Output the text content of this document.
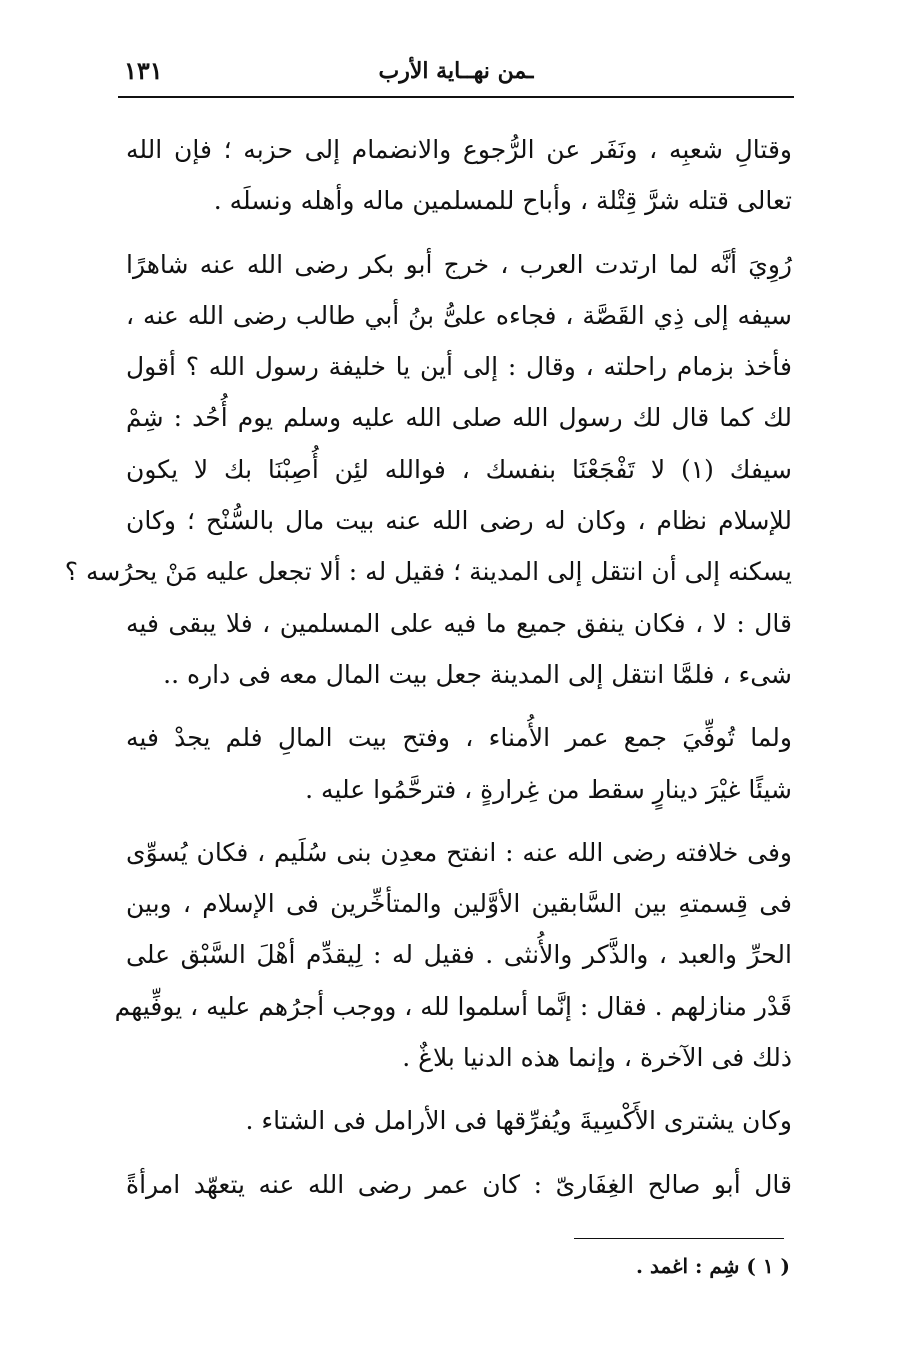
ـمن نهــاية الأرب
١٣١

وقتالِ شعبِه ، ونَفَر عن الرُّجوع والانضمام إلى حزبه ؛ فإن الله
تعالى قتله شرَّ قِتْلة ، وأباح للمسلمين ماله وأهله ونسلَه .

رُوِيَ أنَّه لما ارتدت العرب ، خرج أبو بكر رضى الله عنه شاهرًا
سيفه إلى ذِي القَصَّة ، فجاءه علىُّ بنُ أبي طالب رضى الله عنه ،
فأخذ بزمام راحلته ، وقال : إلى أين يا خليفة رسول الله ؟ أقول
لك كما قال لك رسول الله صلى الله عليه وسلم يوم أُحُد : شِمْ
سيفك (١) لا تَفْجَعْنَا بنفسك ، فوالله لئِن أُصِبْنَا بك لا يكون
للإسلام نظام ، وكان له رضى الله عنه بيت مال بالسُّنْح ؛ وكان
يسكنه إلى أن انتقل إلى المدينة ؛ فقيل له : ألا تجعل عليه مَنْ يحرُسه ؟
قال : لا ، فكان ينفق جميع ما فيه على المسلمين ، فلا يبقى فيه
شىء ، فلمَّا انتقل إلى المدينة جعل بيت المال معه فى داره ..

ولما تُوفِّيَ جمع عمر الأُمناء ، وفتح بيت المالِ فلم يجدْ فيه
شيئًا غيْرَ دينارٍ سقط من غِرارةٍ ، فترحَّمُوا عليه .

وفى خلافته رضى الله عنه : انفتح معدِن بنى سُلَيم ، فكان يُسوِّى
فى قِسمتهِ بين السَّابقين الأوَّلين والمتأخِّرين فى الإسلام ، وبين
الحرِّ والعبد ، والذَّكر والأُنثى . فقيل له : لِيقدِّم أهْلَ السَّبْق على
قَدْر منازلهم . فقال : إنَّما أسلموا لله ، ووجب أجرُهم عليه ، يوفِّيهم
ذلك فى الآخرة ، وإنما هذه الدنيا بلاغٌ .

وكان يشترى الأَكْسِيةَ ويُفرِّقها فى الأرامل فى الشتاء .

قال أبو صالح الغِفَارىّ : كان عمر رضى الله عنه يتعهّد امرأةً

( ١ ) شِم : اغمد .
